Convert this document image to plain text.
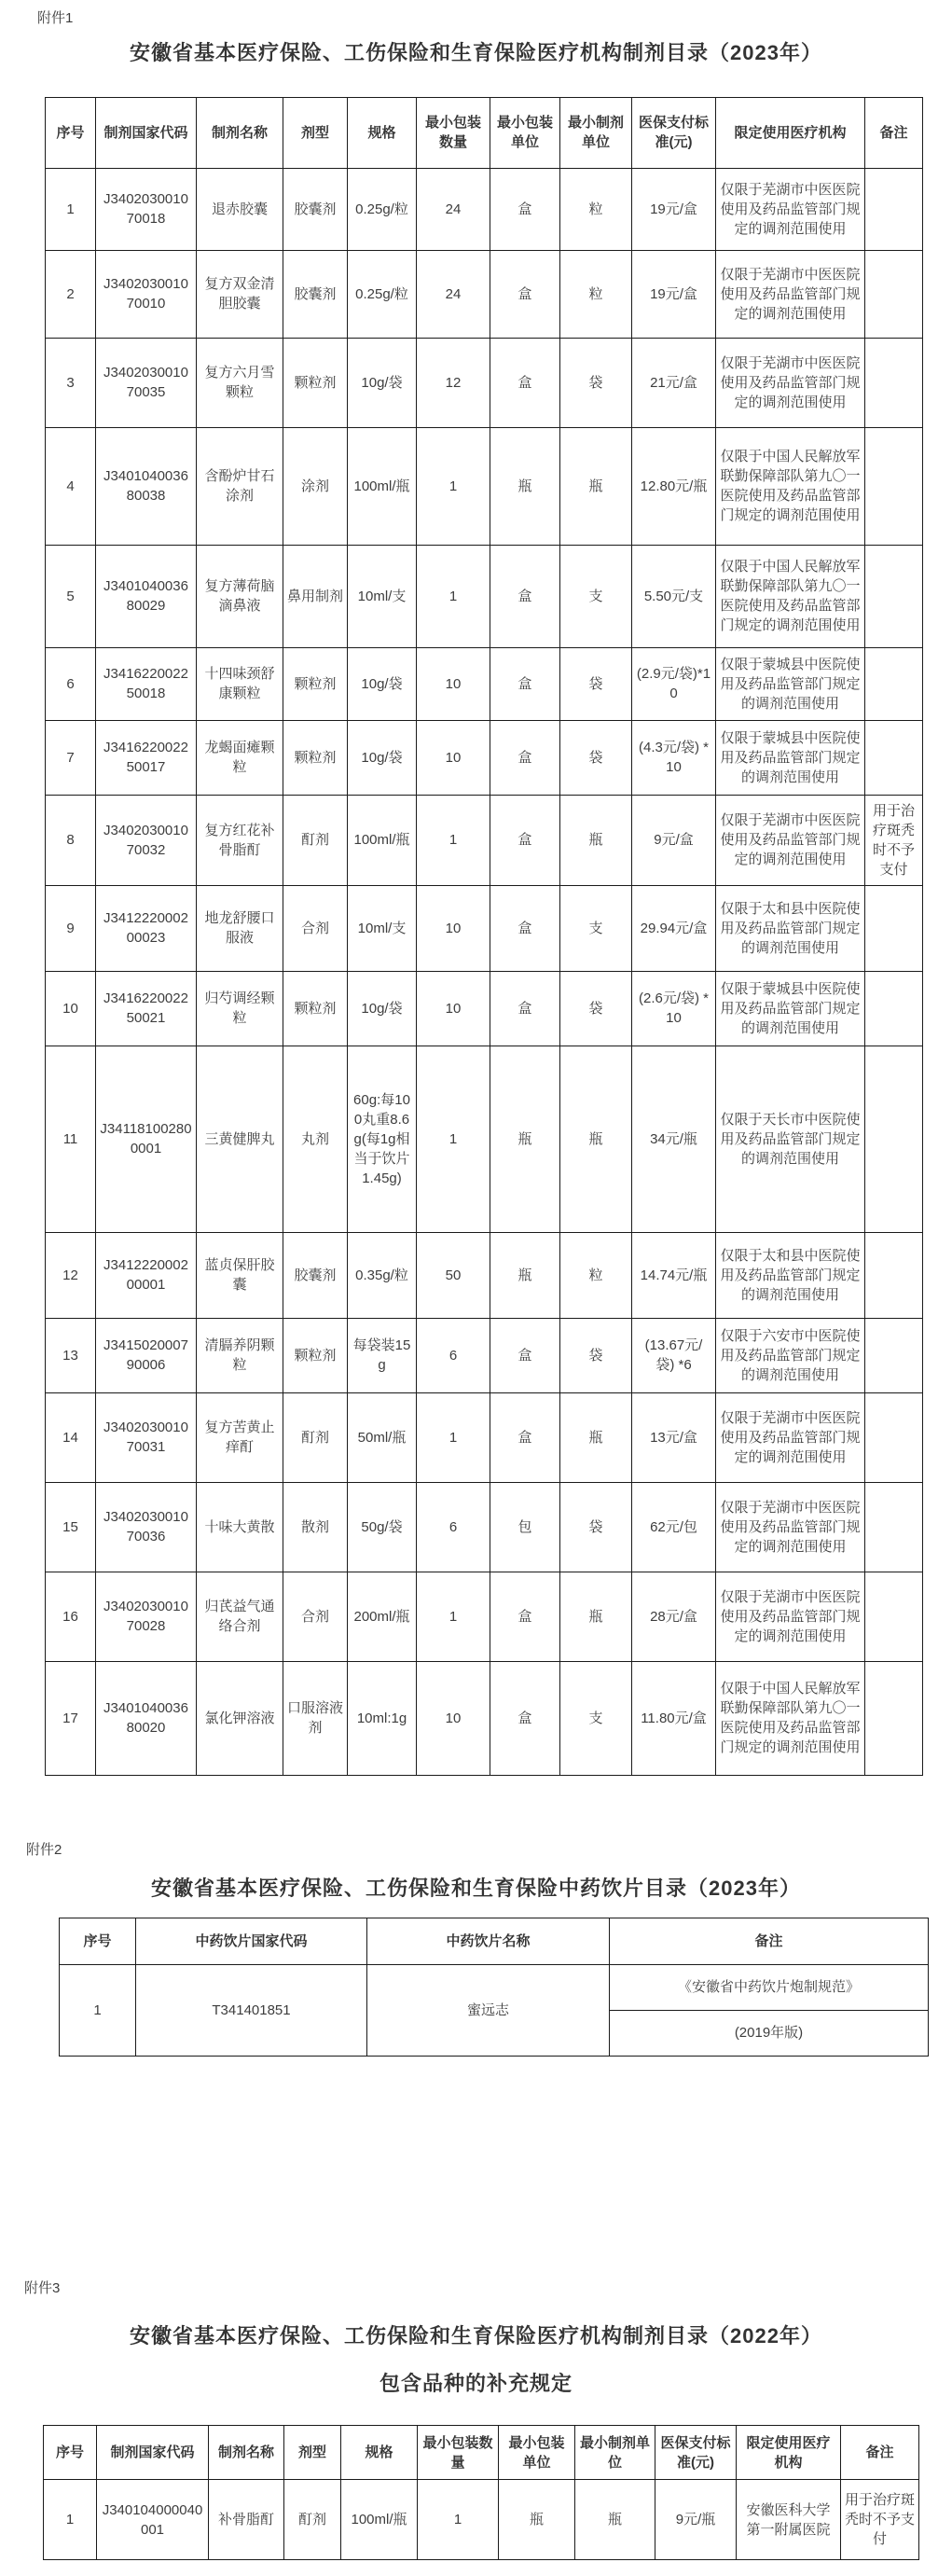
附件1
安徽省基本医疗保险、工伤保险和生育保险医疗机构制剂目录（2023年）
序号	制剂国家代码	制剂名称	剂型	规格	最小包装数量	最小包装单位	最小制剂单位	医保支付标准(元)	限定使用医疗机构	备注
1	J340203001070018	退赤胶囊	胶囊剂	0.25g/粒	24	盒	粒	19元/盒	仅限于芜湖市中医医院使用及药品监管部门规定的调剂范围使用	
2	J340203001070010	复方双金清胆胶囊	胶囊剂	0.25g/粒	24	盒	粒	19元/盒	仅限于芜湖市中医医院使用及药品监管部门规定的调剂范围使用	
3	J340203001070035	复方六月雪颗粒	颗粒剂	10g/袋	12	盒	袋	21元/盒	仅限于芜湖市中医医院使用及药品监管部门规定的调剂范围使用	
4	J340104003680038	含酚炉甘石涂剂	涂剂	100ml/瓶	1	瓶	瓶	12.80元/瓶	仅限于中国人民解放军联勤保障部队第九〇一医院使用及药品监管部门规定的调剂范围使用	
5	J340104003680029	复方薄荷脑滴鼻液	鼻用制剂	10ml/支	1	盒	支	5.50元/支	仅限于中国人民解放军联勤保障部队第九〇一医院使用及药品监管部门规定的调剂范围使用	
6	J341622002250018	十四味颈舒康颗粒	颗粒剂	10g/袋	10	盒	袋	(2.9元/袋)*10	仅限于蒙城县中医院使用及药品监管部门规定的调剂范围使用	
7	J341622002250017	龙蝎面瘫颗粒	颗粒剂	10g/袋	10	盒	袋	(4.3元/袋) *10	仅限于蒙城县中医院使用及药品监管部门规定的调剂范围使用	
8	J340203001070032	复方红花补骨脂酊	酊剂	100ml/瓶	1	盒	瓶	9元/盒	仅限于芜湖市中医医院使用及药品监管部门规定的调剂范围使用	用于治疗斑秃时不予支付
9	J341222000200023	地龙舒腰口服液	合剂	10ml/支	10	盒	支	29.94元/盒	仅限于太和县中医院使用及药品监管部门规定的调剂范围使用	
10	J341622002250021	归芍调经颗粒	颗粒剂	10g/袋	10	盒	袋	(2.6元/袋) *10	仅限于蒙城县中医院使用及药品监管部门规定的调剂范围使用	
11	J341181002800001	三黄健脾丸	丸剂	60g:每100丸重8.6g(每1g相当于饮片1.45g)	1	瓶	瓶	34元/瓶	仅限于天长市中医院使用及药品监管部门规定的调剂范围使用	
12	J341222000200001	蓝贞保肝胶囊	胶囊剂	0.35g/粒	50	瓶	粒	14.74元/瓶	仅限于太和县中医院使用及药品监管部门规定的调剂范围使用	
13	J341502000790006	清膈养阴颗粒	颗粒剂	每袋装15g	6	盒	袋	(13.67元/袋) *6	仅限于六安市中医院使用及药品监管部门规定的调剂范围使用	
14	J340203001070031	复方苦黄止痒酊	酊剂	50ml/瓶	1	盒	瓶	13元/盒	仅限于芜湖市中医医院使用及药品监管部门规定的调剂范围使用	
15	J340203001070036	十味大黄散	散剂	50g/袋	6	包	袋	62元/包	仅限于芜湖市中医医院使用及药品监管部门规定的调剂范围使用	
16	J340203001070028	归芪益气通络合剂	合剂	200ml/瓶	1	盒	瓶	28元/盒	仅限于芜湖市中医医院使用及药品监管部门规定的调剂范围使用	
17	J340104003680020	氯化钾溶液	口服溶液剂	10ml:1g	10	盒	支	11.80元/盒	仅限于中国人民解放军联勤保障部队第九〇一医院使用及药品监管部门规定的调剂范围使用	
附件2
安徽省基本医疗保险、工伤保险和生育保险中药饮片目录（2023年）
序号	中药饮片国家代码	中药饮片名称	备注
1	T341401851	蜜远志	《安徽省中药饮片炮制规范》
			(2019年版)
附件3
安徽省基本医疗保险、工伤保险和生育保险医疗机构制剂目录（2022年）
包含品种的补充规定
序号	制剂国家代码	制剂名称	剂型	规格	最小包装数量	最小包装单位	最小制剂单位	医保支付标准(元)	限定使用医疗机构	备注
1	J340104000040001	补骨脂酊	酊剂	100ml/瓶	1	瓶	瓶	9元/瓶	安徽医科大学第一附属医院	用于治疗斑秃时不予支付
